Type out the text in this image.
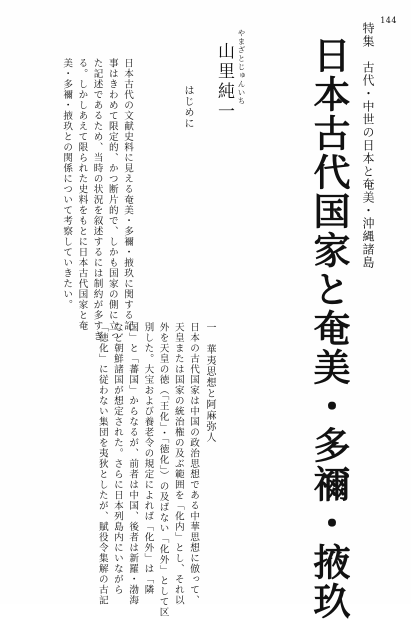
144
特集　古代・中世の日本と奄美・沖縄諸島
日本古代国家と奄美・多禰・掖玖
やまざとじゅんいち
山里純一
はじめに
日本古代の文献史料に見える奄美・多禰・掖玖に関する記
事はきわめて限定的、かつ断片的で、しかも国家の側に立っ
た記述であるため、当時の状況を叙述するには制約が多すぎ
る。しかしあえて限られた史料をもとに日本古代国家と奄
美・多禰・掖玖との関係について考察していきたい。
一　華夷思想と阿麻弥人
日本の古代国家は中国の政治思想である中華思想に倣って、
天皇または国家の統治権の及ぶ範囲を「化内」とし、それ以
外を天皇の徳（「王化」・「徳化」）の及ばない「化外」として区
別した。大宝および養老令の規定によれば「化外」は「隣
国」と「蕃国」からなるが、前者は中国、後者は新羅・渤海
など朝鮮諸国が想定された。さらに日本列島内にいながら
「徳化」に従わない集団を夷狄としたが、賦役令集解の古記
